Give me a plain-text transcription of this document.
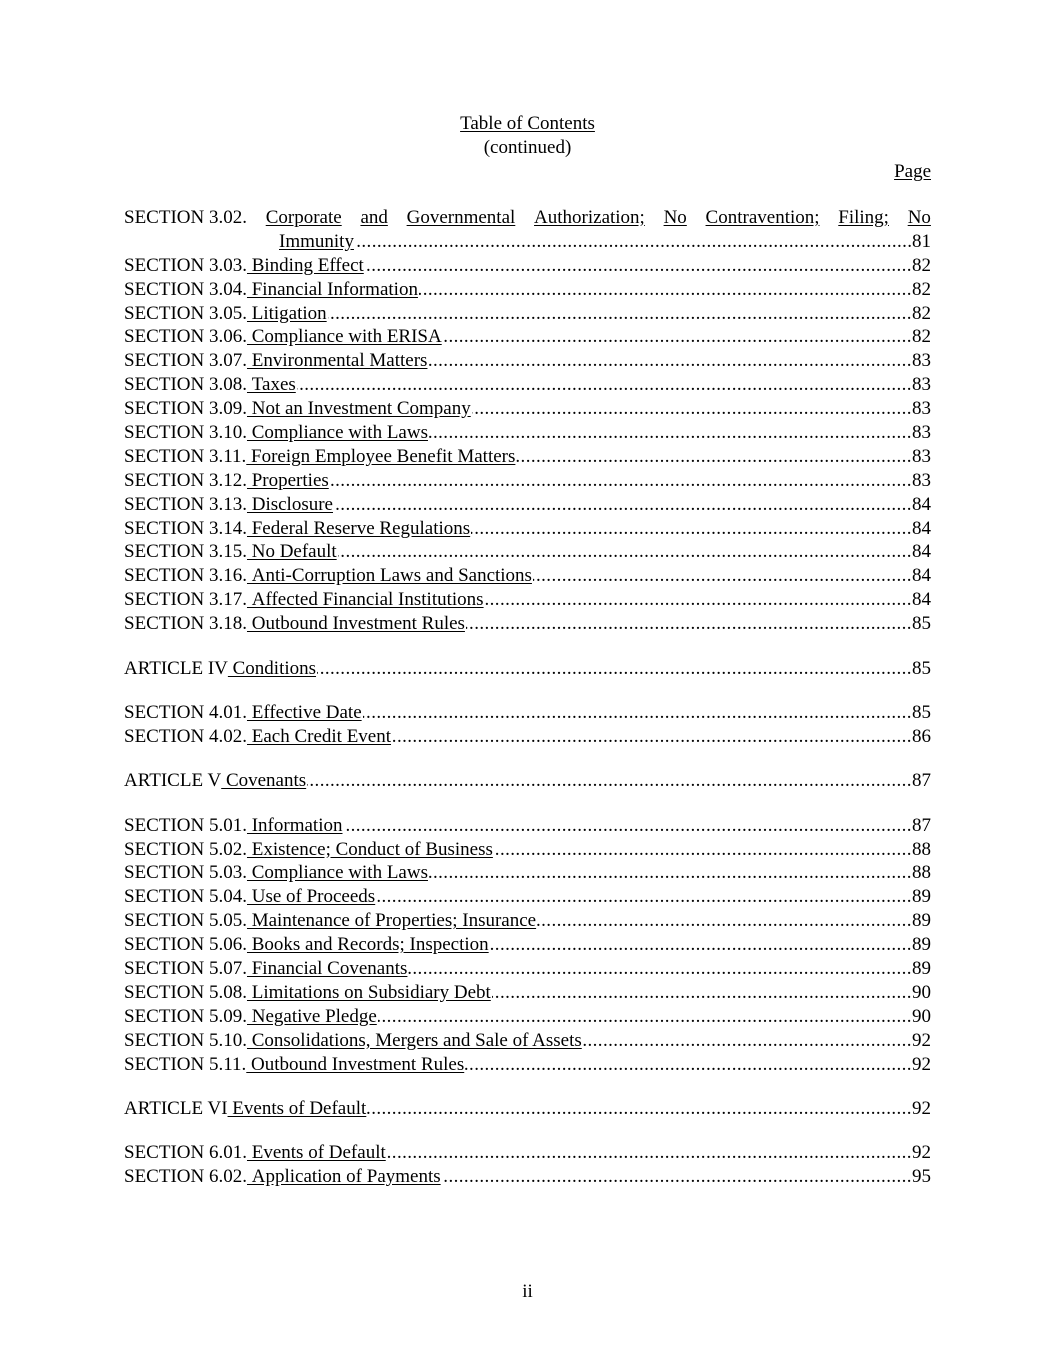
Table of Contents
(continued)
Page
SECTION 3.02. Corporate and Governmental Authorization; No Contravention; Filing; No
.....
Immunity	81
.....
SECTION 3.03. Binding Effect	82
.....
SECTION 3.04. Financial Information	82
.....
SECTION 3.05. Litigation	82
.....
SECTION 3.06. Compliance with ERISA	82
.....
SECTION 3.07. Environmental Matters	83
.....
SECTION 3.08. Taxes	83
.....
SECTION 3.09. Not an Investment Company	83
.....
SECTION 3.10. Compliance with Laws	83
.....
SECTION 3.11. Foreign Employee Benefit Matters	83
.....
SECTION 3.12. Properties	83
.....
SECTION 3.13. Disclosure	84
.....
SECTION 3.14. Federal Reserve Regulations	84
.....
SECTION 3.15. No Default	84
.....
SECTION 3.16. Anti-Corruption Laws and Sanctions	84
.....
SECTION 3.17. Affected Financial Institutions	84
.....
SECTION 3.18. Outbound Investment Rules	85
.....
ARTICLE IV Conditions	85
.....
SECTION 4.01. Effective Date	85
.....
SECTION 4.02. Each Credit Event	86
.....
ARTICLE V Covenants	87
.....
SECTION 5.01. Information	87
.....
SECTION 5.02. Existence; Conduct of Business	88
.....
SECTION 5.03. Compliance with Laws	88
.....
SECTION 5.04. Use of Proceeds	89
.....
SECTION 5.05. Maintenance of Properties; Insurance	89
.....
SECTION 5.06. Books and Records; Inspection	89
.....
SECTION 5.07. Financial Covenants	89
.....
SECTION 5.08. Limitations on Subsidiary Debt	90
.....
SECTION 5.09. Negative Pledge	90
.....
SECTION 5.10. Consolidations, Mergers and Sale of Assets	92
.....
SECTION 5.11. Outbound Investment Rules	92
.....
ARTICLE VI Events of Default	92
.....
SECTION 6.01. Events of Default	92
.....
SECTION 6.02. Application of Payments	95
ii
